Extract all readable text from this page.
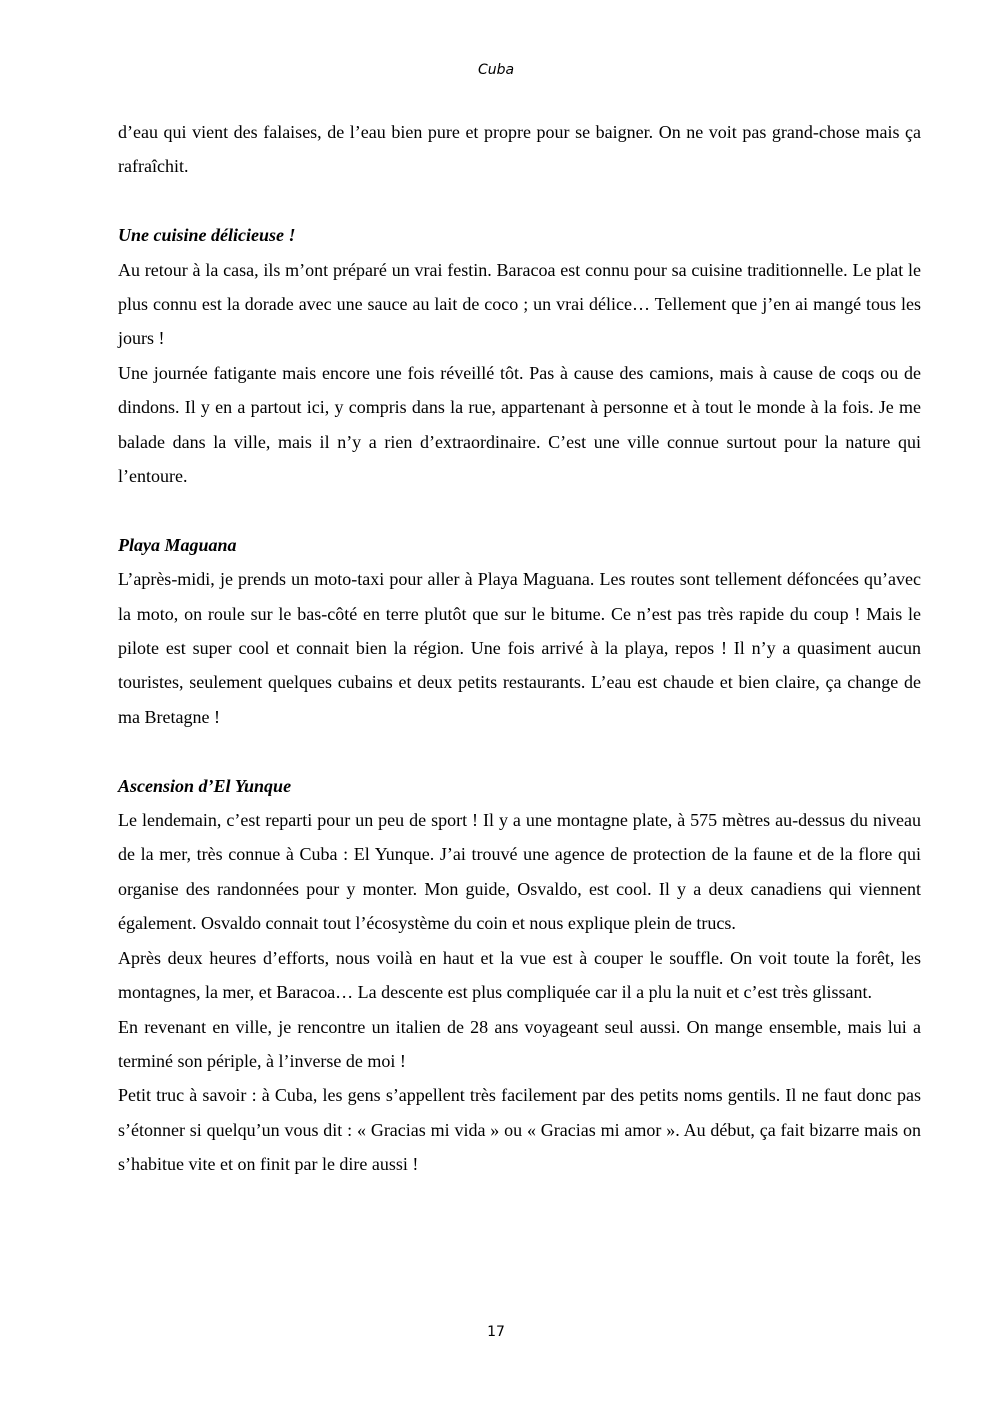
Cuba

d’eau qui vient des falaises, de l’eau bien pure et propre pour se baigner. On ne voit pas grand-chose mais ça rafraîchit.

Une cuisine délicieuse !

Au retour à la casa, ils m’ont préparé un vrai festin. Baracoa est connu pour sa cuisine traditionnelle. Le plat le plus connu est la dorade avec une sauce au lait de coco ; un vrai délice… Tellement que j’en ai mangé tous les jours !

Une journée fatigante mais encore une fois réveillé tôt. Pas à cause des camions, mais à cause de coqs ou de dindons. Il y en a partout ici, y compris dans la rue, appartenant à personne et à tout le monde à la fois. Je me balade dans la ville, mais il n’y a rien d’extraordinaire. C’est une ville connue surtout pour la nature qui l’entoure.

Playa Maguana

L’après-midi, je prends un moto-taxi pour aller à Playa Maguana. Les routes sont tellement défoncées qu’avec la moto, on roule sur le bas-côté en terre plutôt que sur le bitume. Ce n’est pas très rapide du coup ! Mais le pilote est super cool et connait bien la région. Une fois arrivé à la playa, repos ! Il n’y a quasiment aucun touristes, seulement quelques cubains et deux petits restaurants. L’eau est chaude et bien claire, ça change de ma Bretagne !

Ascension d’El Yunque

Le lendemain, c’est reparti pour un peu de sport ! Il y a une montagne plate, à 575 mètres au-dessus du niveau de la mer, très connue à Cuba : El Yunque. J’ai trouvé une agence de protection de la faune et de la flore qui organise des randonnées pour y monter. Mon guide, Osvaldo, est cool. Il y a deux canadiens qui viennent également. Osvaldo connait tout l’écosystème du coin et nous explique plein de trucs.

Après deux heures d’efforts, nous voilà en haut et la vue est à couper le souffle. On voit toute la forêt, les montagnes, la mer, et Baracoa… La descente est plus compliquée car il a plu la nuit et c’est très glissant.

En revenant en ville, je rencontre un italien de 28 ans voyageant seul aussi. On mange ensemble, mais lui a terminé son périple, à l’inverse de moi !

Petit truc à savoir : à Cuba, les gens s’appellent très facilement par des petits noms gentils. Il ne faut donc pas s’étonner si quelqu’un vous dit : « Gracias mi vida » ou « Gracias mi amor ». Au début, ça fait bizarre mais on s’habitue vite et on finit par le dire aussi !

17
